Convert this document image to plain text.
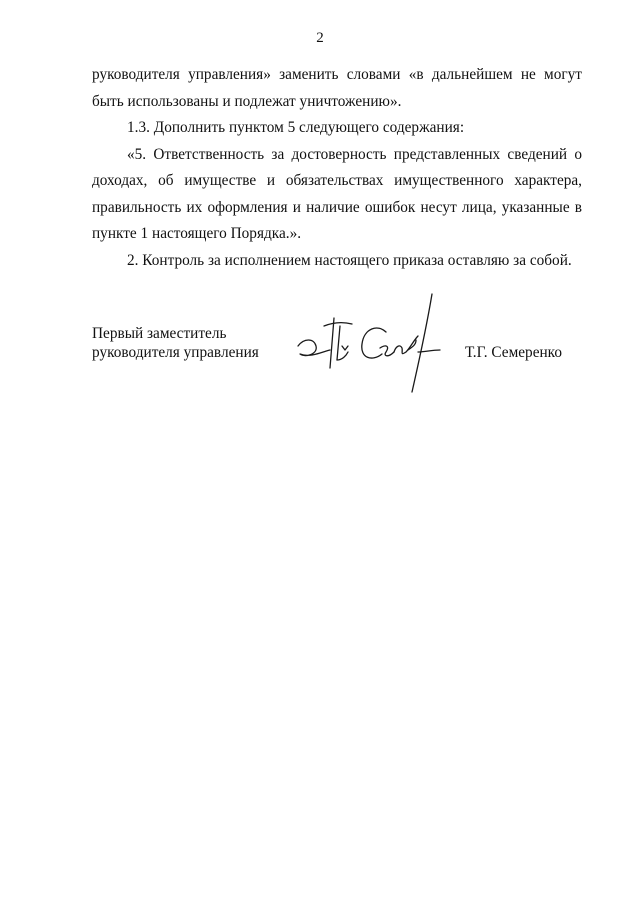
2

руководителя управления» заменить словами «в дальнейшем не могут быть использованы и подлежат уничтожению».

1.3. Дополнить пунктом 5 следующего содержания:

«5. Ответственность за достоверность представленных сведений о доходах, об имуществе и обязательствах имущественного характера, правильность их оформления и наличие ошибок несут лица, указанные в пункте 1 настоящего Порядка.».

2. Контроль за исполнением настоящего приказа оставляю за собой.

Первый заместитель
руководителя управления	Т.Г. Семеренко
